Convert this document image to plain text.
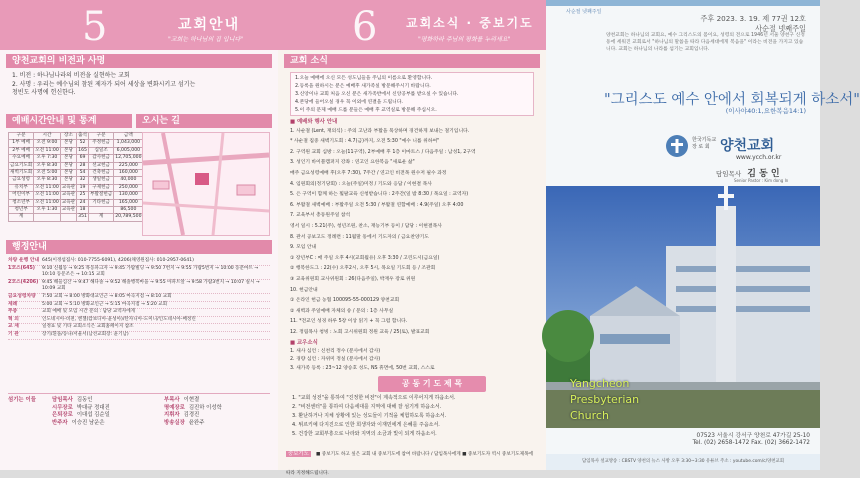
5	교회안내
"교회는 하나님의 집 입니다"
양천교회의 비전과 사명
1. 비전 : 하나님나라의 비전을 실현하는 교회
2. 사명 : 우리는 예수님의 참된 제자가 되어 세상을 변화시키고 섬기는
청빈도 사명에 헌신한다.
예배시간안내 및 통계	오시는 길
구분	시간	장소	출석	구분	금액
1부 예배	오전 9:00	본당	52	주정헌금	1,043,000
2부 예배	오전 11:00	본당	165	십일조	6,005,000
수요예배	오후 7:30	본당	69	감사헌금	12,705,000
금요기도회	오후 8:30	본당	28	선교헌금	225,000
새벽기도회	오전 5:00	본당	54	건축헌금	160,000
금요성령	오후 8:30	본당	32	생일헌금	40,000
유치부	오전 11:00	교육관	19	구제헌금	250,000
어린이부	오전 11:00	교육관	25	부활절헌금	130,000
청소년부	오전 11:00	교육관	24	기타헌금	165,000
청년부	오후 1:30	교육관	18		86,500
계			351	계	20,789,500
행정안내
차량 운행 안내 645(이정섭집사: 010-7755-6091), 4206(채영원집사: 010-2957-0641)
1코스(645)	9:10 신월동 → 9:25 목동파크자 → 9:45 가람빌딩 → 9:50 7번지 → 9:55 가람5번지 → 10:00 동문마트 → 10:10 동문조은 → 10:15 교회
2코스(4206) 9:45 해들심산 → 9:47 해다솔 → 9:52 해솔행복마을 → 9:55 아파트앞 → 9:58 가람3번지 → 10:07 실시 → 10:09 교회
금요성령차량	7:50 교회 → 8:00 방화대교인근 → 8:05 마곡지점 → 8:10 교회
세례	5:00 교회 → 5:10 방화교인근 → 5:15 마곡지점 → 5:20 교회
주중	교회 예배 및 모임 시간 문의 : 담당 교역자에게
혁 의	인도네시아-비젼, 엔젤(캄보디아-윤성아)/탄자니아-도미니/인도네시아-배성린
교 재	일정표 및 기타 교회소식은 교회홈페이지 참조
기 관	장기/흰돌/동나/서울서(남선교회장: 윤기남)
섬기는 이들	담임목사 김동인	부목사 이현결
시무장로 박대규 정대진	명예장로 김진하 이성학
은퇴장로 이대섭 김순일	지휘자 김경진
반주자 이승진 남운은	방송실장 윤완주
6 교회소식 · 중보기도
"평화하라 주님의 평화를 누리세요"
교회 소식
1.오늘 예배에 오신 모든 성도님들을 주님의 이름으로 환영합니다.
2.등록을 원하시는 분은 예배후 새가족실 방문해주시기 바랍니다.
3.신앙이나 교회 처음 오신 분은 새가족반에서 신앙공부를 받으실 수 있습니다.
4.본당에 들어오실 경우 꼭 이외에 연결을 드립니다.
5.이 주의 문제 예배 드를 분들은 예배 후 교역실로 방문해 주십시오.
■ 예배와 행사 안내
1. 사순절 (Lent, 재의식) : 주의 고난과 부활을 묵상하며 경건하게 보내는 절기입니다.
* 사순절 집중 새벽기도회 : 4.7(금)까지, 오전 5:30 "예수 니를 위하여"
2. 구역원 교회 심방 : 오늘(11구역), 2부예배 후 1층 이마트스 / 다음주일 : 남성1, 2구역
3. 성인기 바이블캠퍼지 강좌 : 연고인 요한복음 "새로운 삶"
매주 금요성령예배 후(오후 7:30), 7주간 / 연고인 비전목 원수저 필수 과정
4. 임원회의(정기당회) : 오늘(주일)미정 / 기도와 응답 / 이현결 목사
5. 은 구역이 함께 하는 휠팔교육 신청받습니다 : 2주간(일 밤 8:30 / 목요일 : 교역자)
6. 부활절 새벽예배 : 부활주일 오전 5:30 / 부활절 연합예배 : 4.9(주일) 오후 4:00
7. 교육부서 총동원주일 참석
영서 일시 : 5.21(주), 청년조원, 찬소, 재능기부 등이 / 담당 : 이현결목사
8. 관서 공보고도 정례련 : 11월말 동에서 기도자의 / 금요찬양기도
9. 모임 안내
① 장년부C : 매 주일 오후 4시(교회월유) 오후 3:30 / 고린도시(금요일)
② 행복한도그 : 22(수) 오후2시, 오후 5시, 목요일 기도회 등 / 조관회
③ 교육위원회 교사위원회 : 26(다음주일), 박재우 장로 위원
10. 헌금안내
① 온라인 헌금 농협 100095-55-000129 양천교회
② 새벽과 주일예배 자체의 송 / 문의 : 1층 사무실
11. *전교인 성경 하루 5장 이상 읽기 + 꼭 그럼 합니다.
12. 정림목사 청빙 : 노회 고시위원회 정원 교육 / 25(토), 발표교회
■ 교우소식
1. 새사 심언 : 신천리 정수 (분사에서 감사)
2. 경량 심언 : 자위미 정실 (분사에서 감사)
3. 새가족 등록 : 23~12 양승호 성도, NS 휴면에, 50번 교회, 스스로
공 동 기 도 제 목
1. "교회 성전"을 통하여 "진정한 비전"이 계속적으로 이루어지게 하옵소서.
2. "비전센터"를 통하여 다음세대를 지역에 대해 잘 섬기게 하옵소서.
3. 환난하거나 지체 상황에 있는 성도들이 기적을 체험하도록 하옵소서.
4. 튀르키예 다지진으로 인한 희생자와 이재민에게 은혜를 주옵소서.
5. 건강한 교회부흥으로 나라와 지역의 소금과 빛이 되게 하옵소서.
중보기도 ■ 중보기도 하고 싶은 교회 내 중보기도에 참여 바랍니다 / 담임목사에게 ■ 중보기도자 역시 중보기도제목에 따라 지정해드립니다.
사순절 넷째주일
주후 2023. 3. 19. 제 77권 12호
사순절 넷째주일
양천교회는 하나님의 교회요, 예수 그리스도의 몸이요, 성령의 전으로 1946년 서울 양천구 신정동에 세워진 교회로서 "하나님의 말씀을 따라 다음세대에게 복음을" 이라는 비전을 가지고 있습니다. 교회는 하나님의 나라를 섬기는 교회입니다.
"그리스도 예수 안에서 회복되게 하소서"
(이사야40:1,요한복음14:1)
한국기독교
장 로 회 양천교회
www.ycch.or.kr
담임목사 김 동 인
Senior Pastor : Kim dong In
Yangcheon
Presbyterian
Church
07523 서울시 강서구 양천로 47가길 25-10
Tel. (02) 2658-1472 Fax. (02) 3662-1472
담임목사 설교방송 : CBSTV 양천의 뉴스 사방 오후 3:30~3:30 유튜브 주소 : youtube.com/c/양천교회
